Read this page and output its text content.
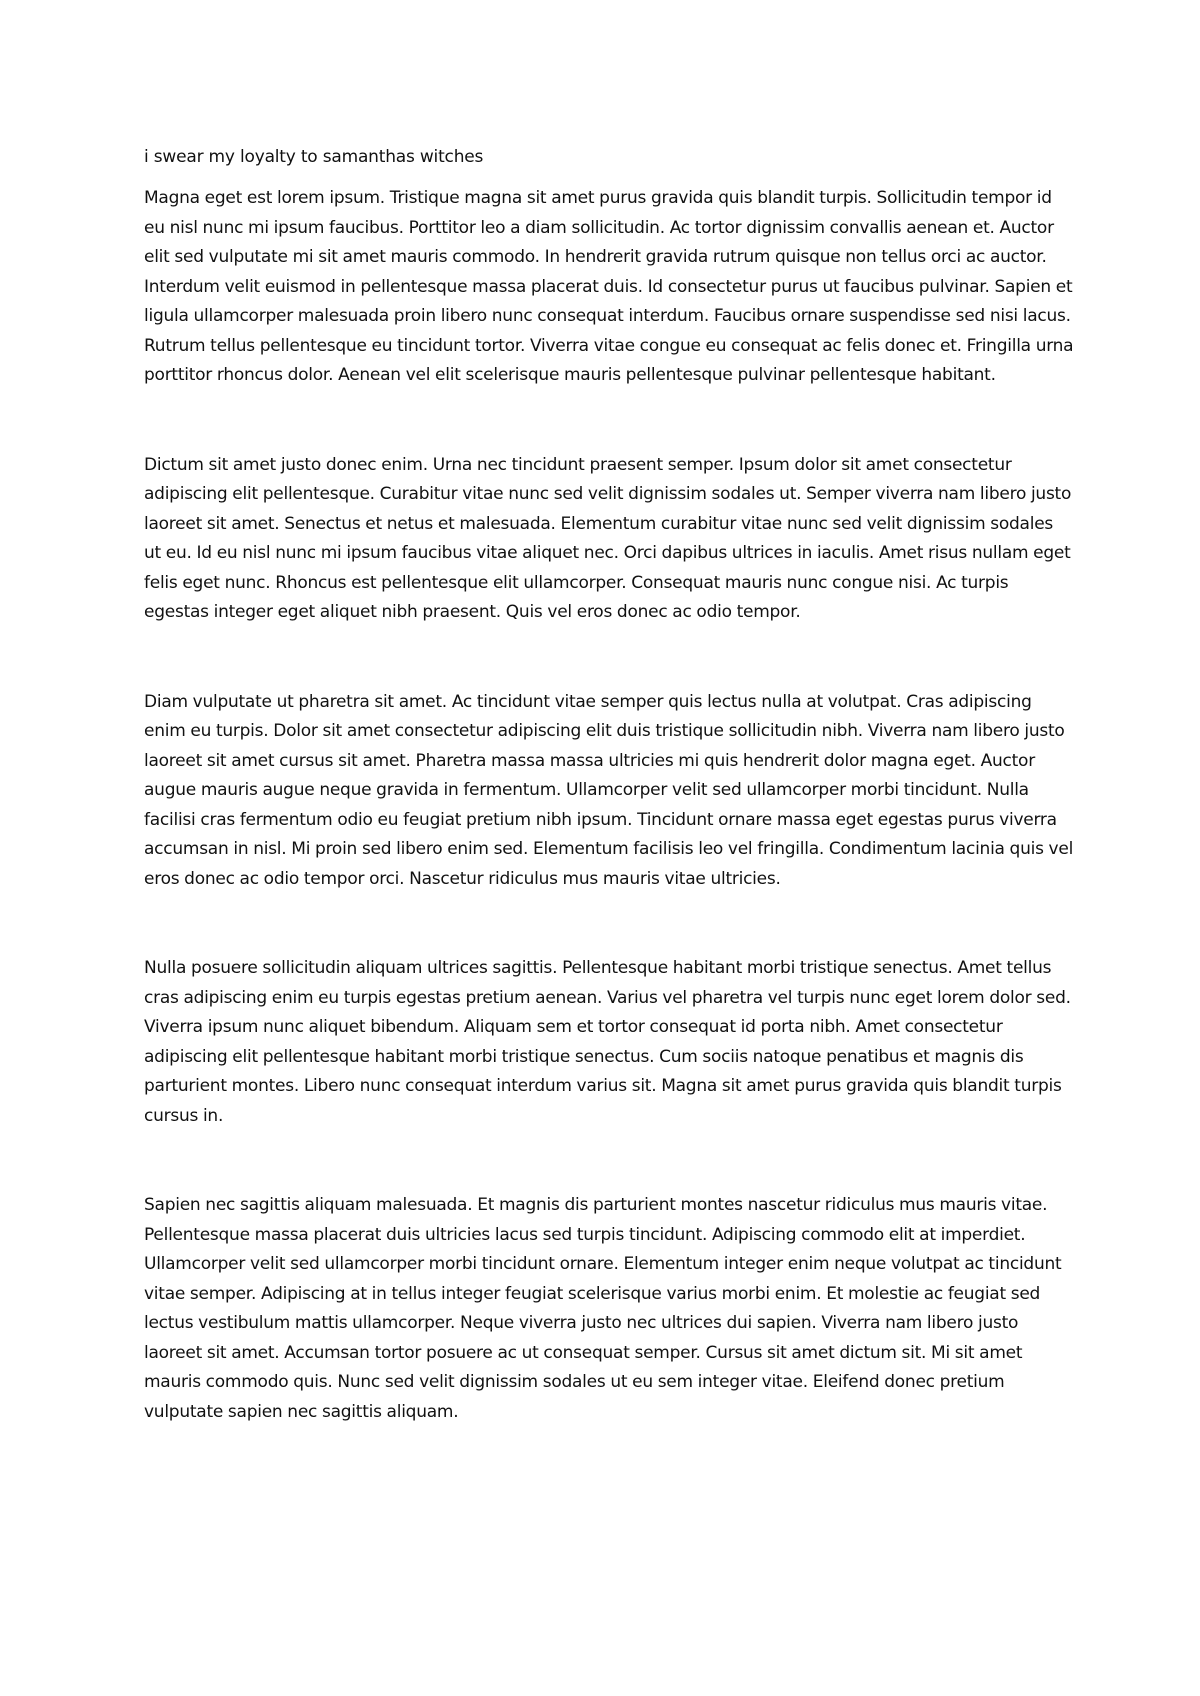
i swear my loyalty to samanthas witches

Magna eget est lorem ipsum. Tristique magna sit amet purus gravida quis blandit turpis. Sollicitudin tempor id eu nisl nunc mi ipsum faucibus. Porttitor leo a diam sollicitudin. Ac tortor dignissim convallis aenean et. Auctor elit sed vulputate mi sit amet mauris commodo. In hendrerit gravida rutrum quisque non tellus orci ac auctor. Interdum velit euismod in pellentesque massa placerat duis. Id consectetur purus ut faucibus pulvinar. Sapien et ligula ullamcorper malesuada proin libero nunc consequat interdum. Faucibus ornare suspendisse sed nisi lacus. Rutrum tellus pellentesque eu tincidunt tortor. Viverra vitae congue eu consequat ac felis donec et. Fringilla urna porttitor rhoncus dolor. Aenean vel elit scelerisque mauris pellentesque pulvinar pellentesque habitant.

Dictum sit amet justo donec enim. Urna nec tincidunt praesent semper. Ipsum dolor sit amet consectetur adipiscing elit pellentesque. Curabitur vitae nunc sed velit dignissim sodales ut. Semper viverra nam libero justo laoreet sit amet. Senectus et netus et malesuada. Elementum curabitur vitae nunc sed velit dignissim sodales ut eu. Id eu nisl nunc mi ipsum faucibus vitae aliquet nec. Orci dapibus ultrices in iaculis. Amet risus nullam eget felis eget nunc. Rhoncus est pellentesque elit ullamcorper. Consequat mauris nunc congue nisi. Ac turpis egestas integer eget aliquet nibh praesent. Quis vel eros donec ac odio tempor.

Diam vulputate ut pharetra sit amet. Ac tincidunt vitae semper quis lectus nulla at volutpat. Cras adipiscing enim eu turpis. Dolor sit amet consectetur adipiscing elit duis tristique sollicitudin nibh. Viverra nam libero justo laoreet sit amet cursus sit amet. Pharetra massa massa ultricies mi quis hendrerit dolor magna eget. Auctor augue mauris augue neque gravida in fermentum. Ullamcorper velit sed ullamcorper morbi tincidunt. Nulla facilisi cras fermentum odio eu feugiat pretium nibh ipsum. Tincidunt ornare massa eget egestas purus viverra accumsan in nisl. Mi proin sed libero enim sed. Elementum facilisis leo vel fringilla. Condimentum lacinia quis vel eros donec ac odio tempor orci. Nascetur ridiculus mus mauris vitae ultricies.

Nulla posuere sollicitudin aliquam ultrices sagittis. Pellentesque habitant morbi tristique senectus. Amet tellus cras adipiscing enim eu turpis egestas pretium aenean. Varius vel pharetra vel turpis nunc eget lorem dolor sed. Viverra ipsum nunc aliquet bibendum. Aliquam sem et tortor consequat id porta nibh. Amet consectetur adipiscing elit pellentesque habitant morbi tristique senectus. Cum sociis natoque penatibus et magnis dis parturient montes. Libero nunc consequat interdum varius sit. Magna sit amet purus gravida quis blandit turpis cursus in.

Sapien nec sagittis aliquam malesuada. Et magnis dis parturient montes nascetur ridiculus mus mauris vitae. Pellentesque massa placerat duis ultricies lacus sed turpis tincidunt. Adipiscing commodo elit at imperdiet. Ullamcorper velit sed ullamcorper morbi tincidunt ornare. Elementum integer enim neque volutpat ac tincidunt vitae semper. Adipiscing at in tellus integer feugiat scelerisque varius morbi enim. Et molestie ac feugiat sed lectus vestibulum mattis ullamcorper. Neque viverra justo nec ultrices dui sapien. Viverra nam libero justo laoreet sit amet. Accumsan tortor posuere ac ut consequat semper. Cursus sit amet dictum sit. Mi sit amet mauris commodo quis. Nunc sed velit dignissim sodales ut eu sem integer vitae. Eleifend donec pretium vulputate sapien nec sagittis aliquam.
